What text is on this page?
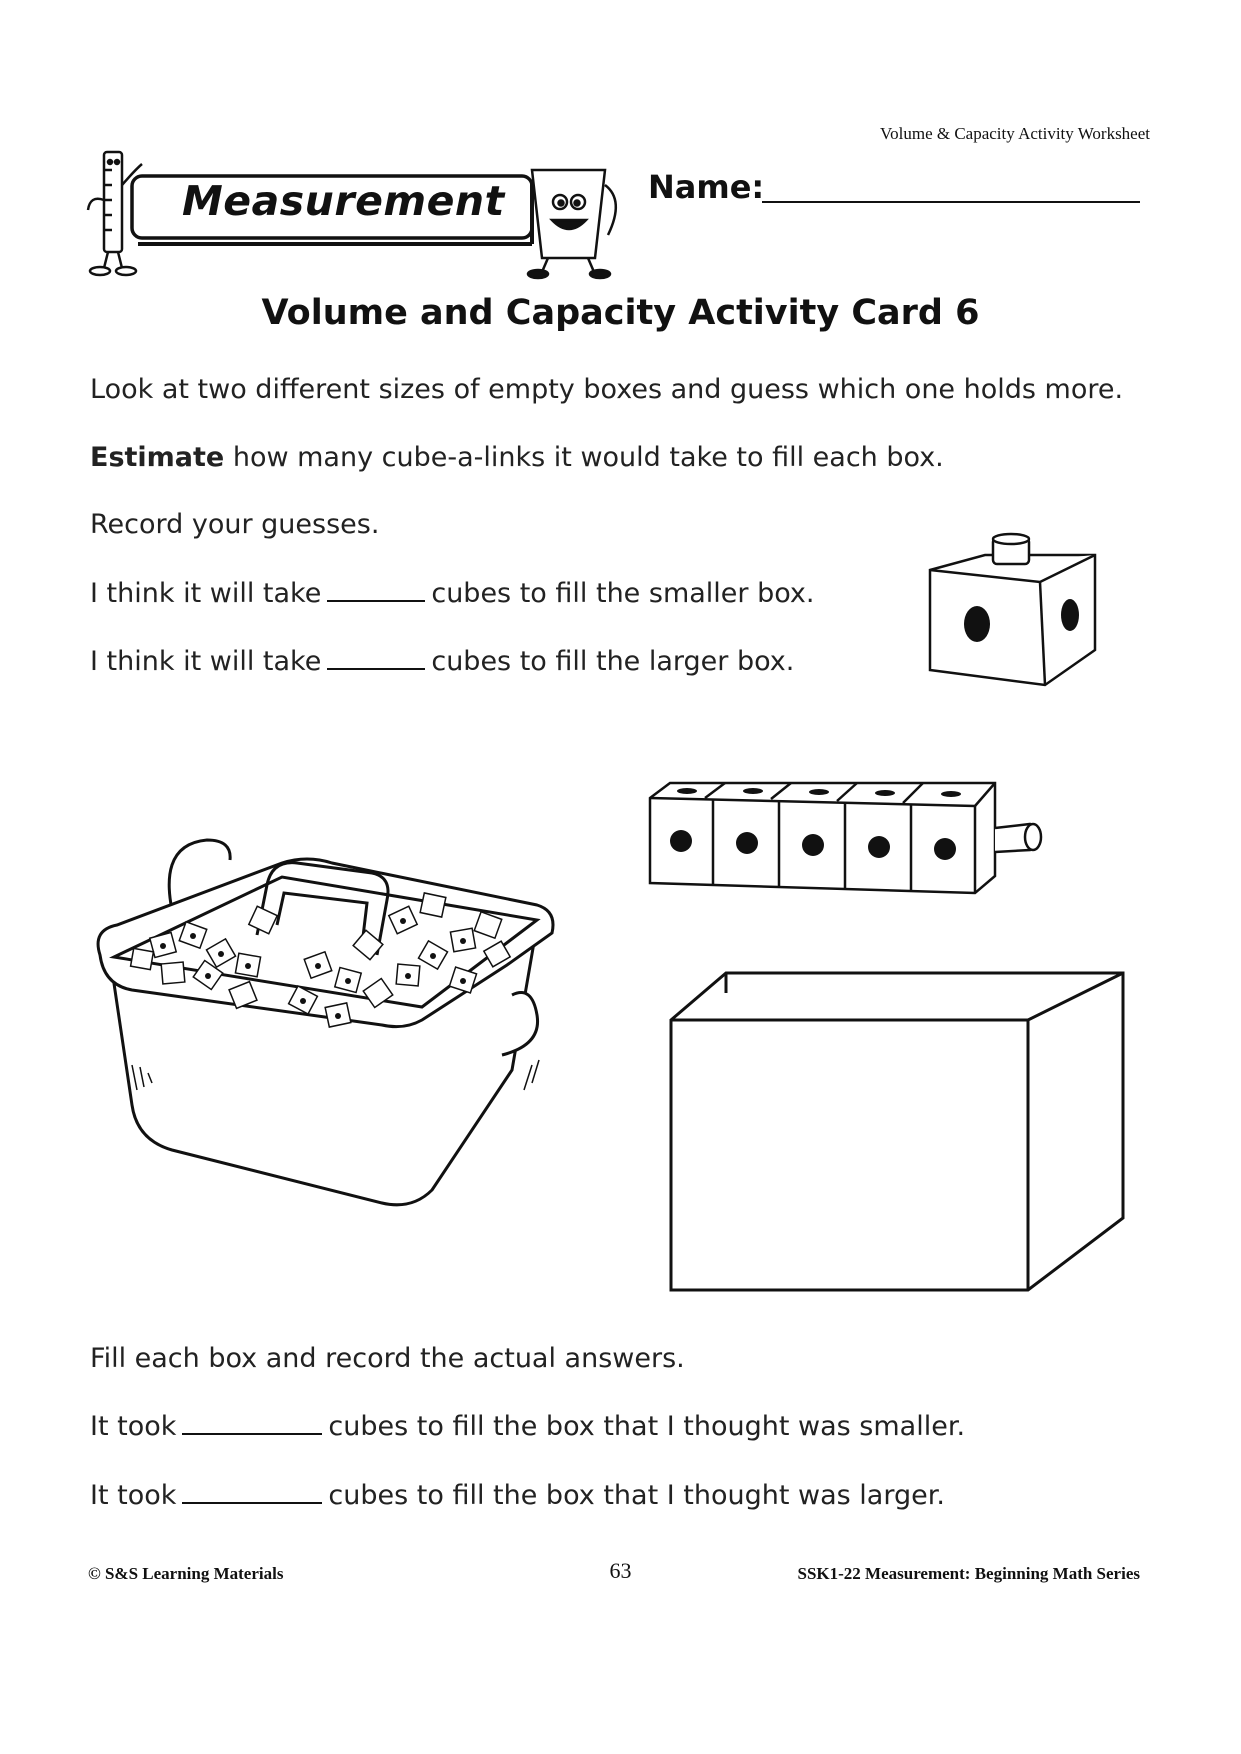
Volume & Capacity Activity Worksheet
Measurement	Name:
Volume and Capacity Activity Card 6
Look at two different sizes of empty boxes and guess which one holds more.
Estimate how many cube-a-links it would take to fill each box.
Record your guesses.
I think it will take	cubes to fill the smaller box.
I think it will take	cubes to fill the larger box.
Fill each box and record the actual answers.
It took	cubes to fill the box that I thought was smaller.
It took	cubes to fill the box that I thought was larger.
© S&S Learning Materials	63	SSK1-22 Measurement: Beginning Math Series
